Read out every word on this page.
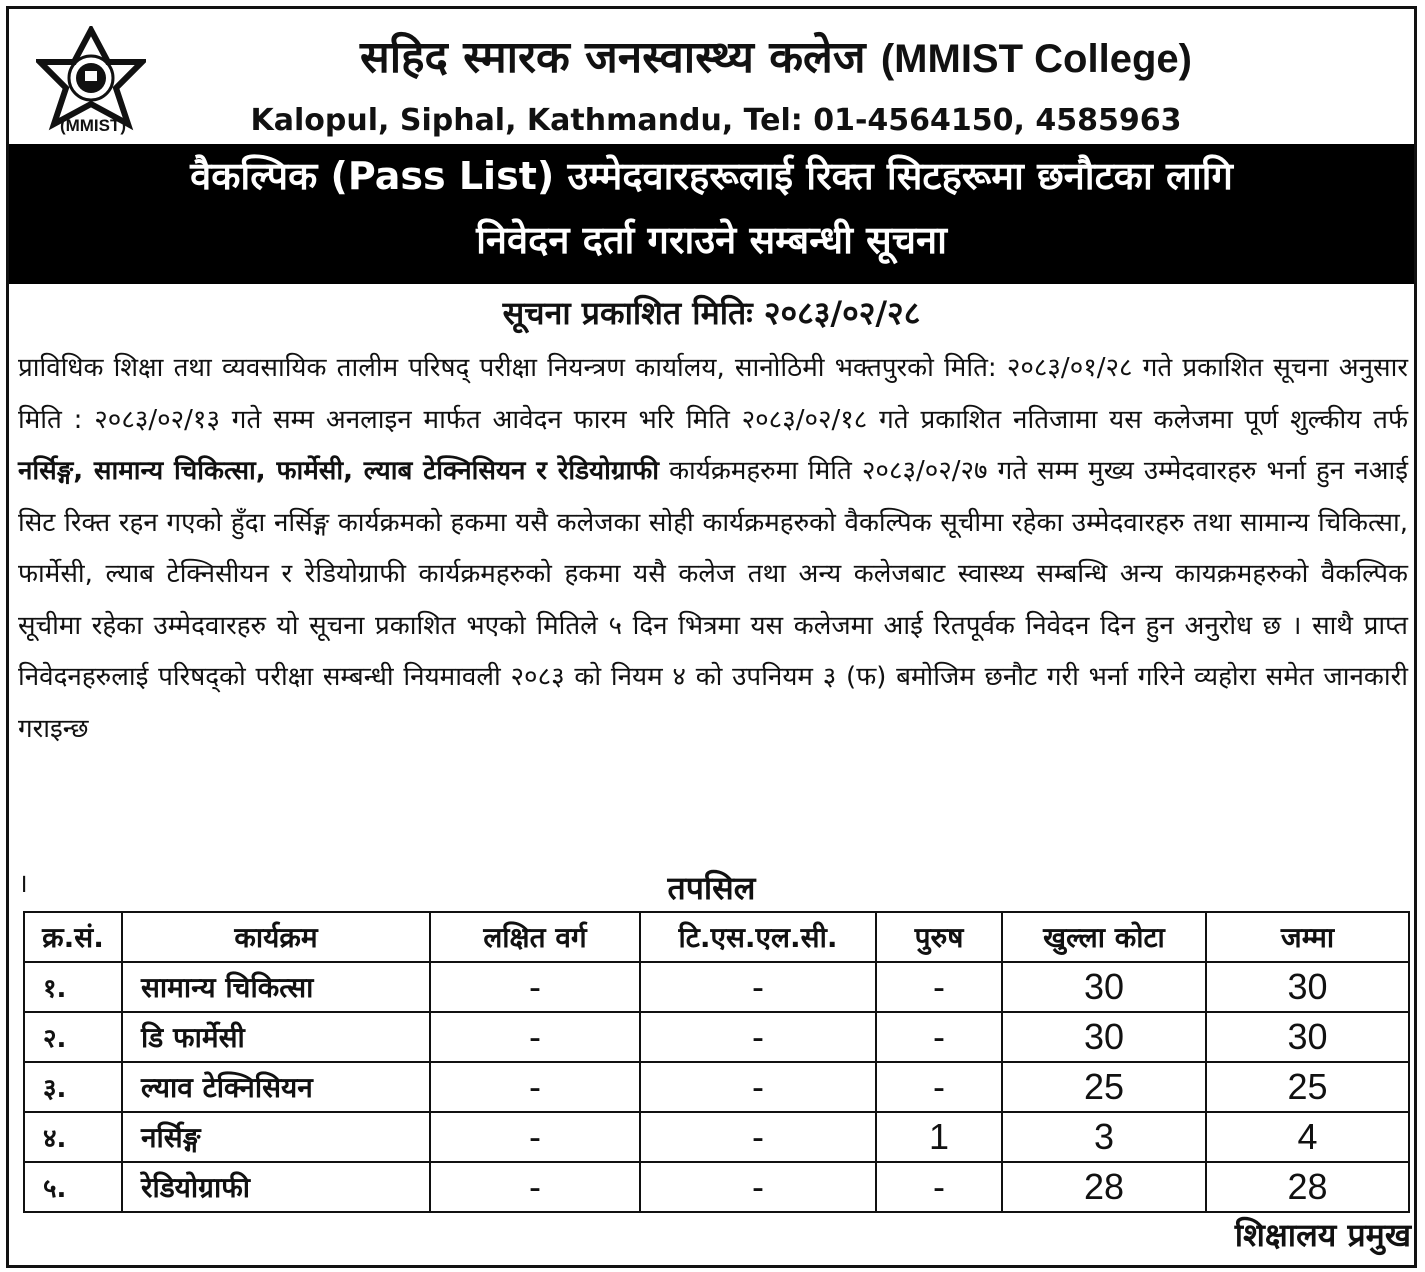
(MMIST)
सहिद स्मारक जनस्वास्थ्य कलेज (MMIST College)
Kalopul, Siphal, Kathmandu, Tel: 01-4564150, 4585963
वैकल्पिक (Pass List) उम्मेदवारहरूलाई रिक्त सिटहरूमा छनौटका लागि
निवेदन दर्ता गराउने सम्बन्धी सूचना
सूचना प्रकाशित मितिः २०८३/०२/२८
प्राविधिक शिक्षा तथा व्यवसायिक तालीम परिषद् परीक्षा नियन्त्रण कार्यालय, सानोठिमी भक्तपुरको मिति: २०८३/०१/२८ गते प्रकाशित सूचना अनुसार मिति : २०८३/०२/१३ गते सम्म अनलाइन मार्फत आवेदन फारम भरि मिति २०८३/०२/१८ गते प्रकाशित नतिजामा यस कलेजमा पूर्ण शुल्कीय तर्फ नर्सिङ्ग, सामान्य चिकित्सा, फार्मेसी, ल्याब टेक्निसियन र रेडियोग्राफी कार्यक्रमहरुमा मिति २०८३/०२/२७ गते सम्म मुख्य उम्मेदवारहरु भर्ना हुन नआई सिट रिक्त रहन गएको हुँदा नर्सिङ्ग कार्यक्रमको हकमा यसै कलेजका सोही कार्यक्रमहरुको वैकल्पिक सूचीमा रहेका उम्मेदवारहरु तथा सामान्य चिकित्सा, फार्मेसी, ल्याब टेक्निसीयन र रेडियोग्राफी कार्यक्रमहरुको हकमा यसै कलेज तथा अन्य कलेजबाट स्वास्थ्य सम्बन्धि अन्य कायक्रमहरुको वैकल्पिक सूचीमा रहेका उम्मेदवारहरु यो सूचना प्रकाशित भएको मितिले ५ दिन भित्रमा यस कलेजमा आई रितपूर्वक निवेदन दिन हुन अनुरोध छ । साथै प्राप्त निवेदनहरुलाई परिषद्को परीक्षा सम्बन्धी नियमावली २०८३ को नियम ४ को उपनियम ३ (फ) बमोजिम छनौट गरी भर्ना गरिने व्यहोरा समेत जानकारी गराइन्छ
।	तपसिल
क्र.सं.	कार्यक्रम	लक्षित वर्ग	टि.एस.एल.सी.	पुरुष	खुल्ला कोटा	जम्मा
१.	सामान्य चिकित्सा	-	-	-	30	30
२.	डि फार्मेसी	-	-	-	30	30
३.	ल्याव टेक्निसियन	-	-	-	25	25
४.	नर्सिङ्ग	-	-	1	3	4
५.	रेडियोग्राफी	-	-	-	28	28
शिक्षालय प्रमुख
